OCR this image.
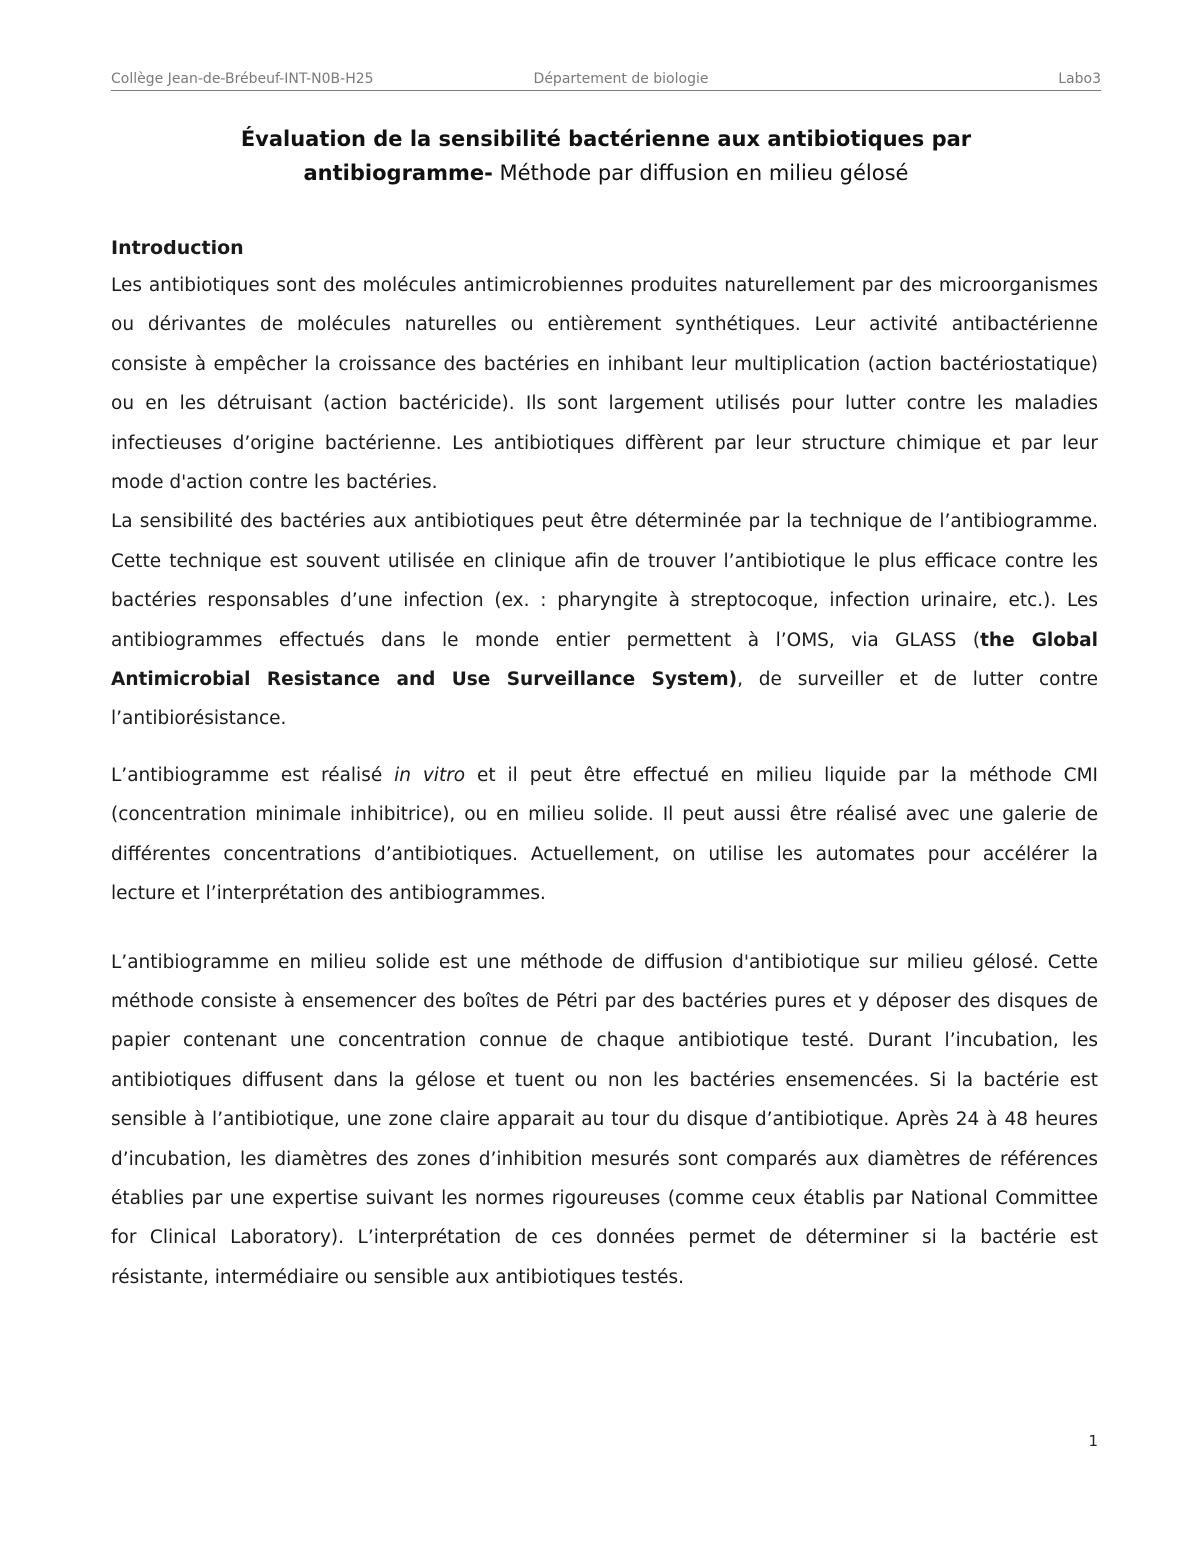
Collège Jean-de-Brébeuf-INT-N0B-H25	Département de biologie	Labo3
Évaluation de la sensibilité bactérienne aux antibiotiques par
antibiogramme- Méthode par diffusion en milieu gélosé

Introduction

Les antibiotiques sont des molécules antimicrobiennes produites naturellement par des microorganismes ou dérivantes de molécules naturelles ou entièrement synthétiques. Leur activité antibactérienne consiste à empêcher la croissance des bactéries en inhibant leur multiplication (action bactériostatique) ou en les détruisant (action bactéricide). Ils sont largement utilisés pour lutter contre les maladies infectieuses d’origine bactérienne. Les antibiotiques diffèrent par leur structure chimique et par leur mode d'action contre les bactéries.

La sensibilité des bactéries aux antibiotiques peut être déterminée par la technique de l’antibiogramme. Cette technique est souvent utilisée en clinique afin de trouver l’antibiotique le plus efficace contre les bactéries responsables d’une infection (ex. : pharyngite à streptocoque, infection urinaire, etc.). Les antibiogrammes effectués dans le monde entier permettent à l’OMS, via GLASS (the Global Antimicrobial Resistance and Use Surveillance System), de surveiller et de lutter contre l’antibiorésistance.

L’antibiogramme est réalisé in vitro et il peut être effectué en milieu liquide par la méthode CMI (concentration minimale inhibitrice), ou en milieu solide. Il peut aussi être réalisé avec une galerie de différentes concentrations d’antibiotiques. Actuellement, on utilise les automates pour accélérer la lecture et l’interprétation des antibiogrammes.

L’antibiogramme en milieu solide est une méthode de diffusion d'antibiotique sur milieu gélosé. Cette méthode consiste à ensemencer des boîtes de Pétri par des bactéries pures et y déposer des disques de papier contenant une concentration connue de chaque antibiotique testé. Durant l’incubation, les antibiotiques diffusent dans la gélose et tuent ou non les bactéries ensemencées. Si la bactérie est sensible à l’antibiotique, une zone claire apparait au tour du disque d’antibiotique. Après 24 à 48 heures d’incubation, les diamètres des zones d’inhibition mesurés sont comparés aux diamètres de références établies par une expertise suivant les normes rigoureuses (comme ceux établis par National Committee for Clinical Laboratory). L’interprétation de ces données permet de déterminer si la bactérie est résistante, intermédiaire ou sensible aux antibiotiques testés.

1
